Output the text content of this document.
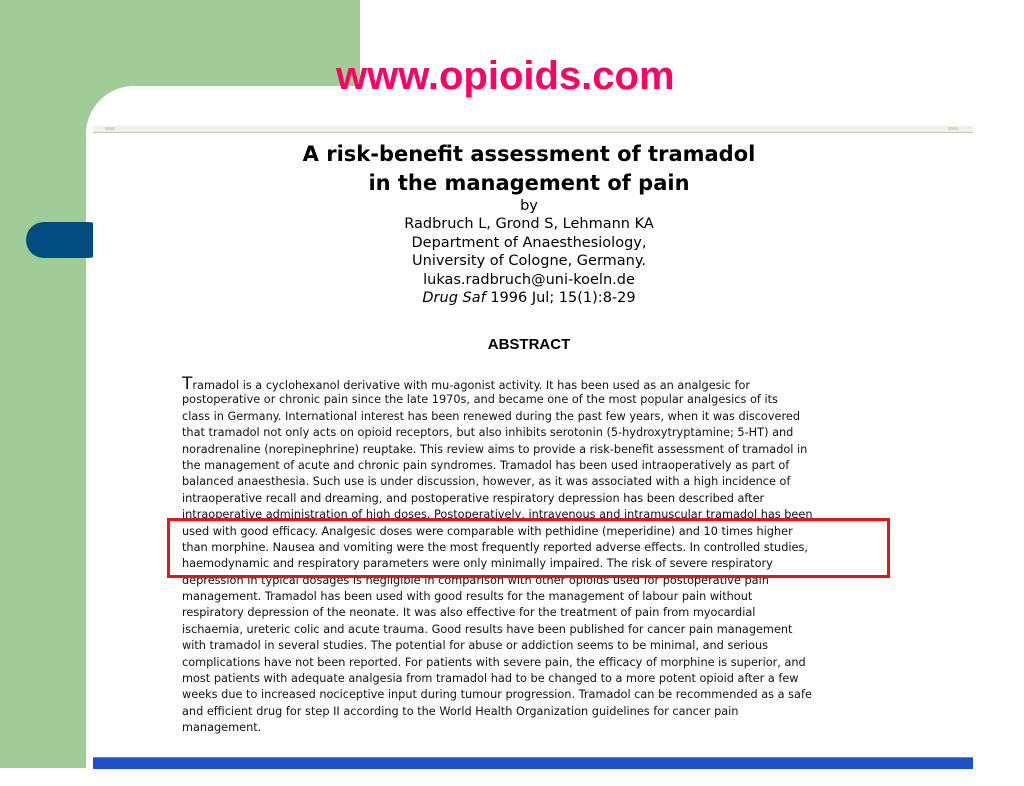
www.opioids.com
A risk-benefit assessment of tramadol
in the management of pain
by
Radbruch L, Grond S, Lehmann KA
Department of Anaesthesiology,
University of Cologne, Germany.
lukas.radbruch@uni-koeln.de
Drug Saf 1996 Jul; 15(1):8-29
ABSTRACT
Tramadol is a cyclohexanol derivative with mu-agonist activity. It has been used as an analgesic for
postoperative or chronic pain since the late 1970s, and became one of the most popular analgesics of its
class in Germany. International interest has been renewed during the past few years, when it was discovered
that tramadol not only acts on opioid receptors, but also inhibits serotonin (5-hydroxytryptamine; 5-HT) and
noradrenaline (norepinephrine) reuptake. This review aims to provide a risk-benefit assessment of tramadol in
the management of acute and chronic pain syndromes. Tramadol has been used intraoperatively as part of
balanced anaesthesia. Such use is under discussion, however, as it was associated with a high incidence of
intraoperative recall and dreaming, and postoperative respiratory depression has been described after
intraoperative administration of high doses. Postoperatively, intravenous and intramuscular tramadol has been
used with good efficacy. Analgesic doses were comparable with pethidine (meperidine) and 10 times higher
than morphine. Nausea and vomiting were the most frequently reported adverse effects. In controlled studies,
haemodynamic and respiratory parameters were only minimally impaired. The risk of severe respiratory
depression in typical dosages is negligible in comparison with other opioids used for postoperative pain
management. Tramadol has been used with good results for the management of labour pain without
respiratory depression of the neonate. It was also effective for the treatment of pain from myocardial
ischaemia, ureteric colic and acute trauma. Good results have been published for cancer pain management
with tramadol in several studies. The potential for abuse or addiction seems to be minimal, and serious
complications have not been reported. For patients with severe pain, the efficacy of morphine is superior, and
most patients with adequate analgesia from tramadol had to be changed to a more potent opioid after a few
weeks due to increased nociceptive input during tumour progression. Tramadol can be recommended as a safe
and efficient drug for step II according to the World Health Organization guidelines for cancer pain
management.
